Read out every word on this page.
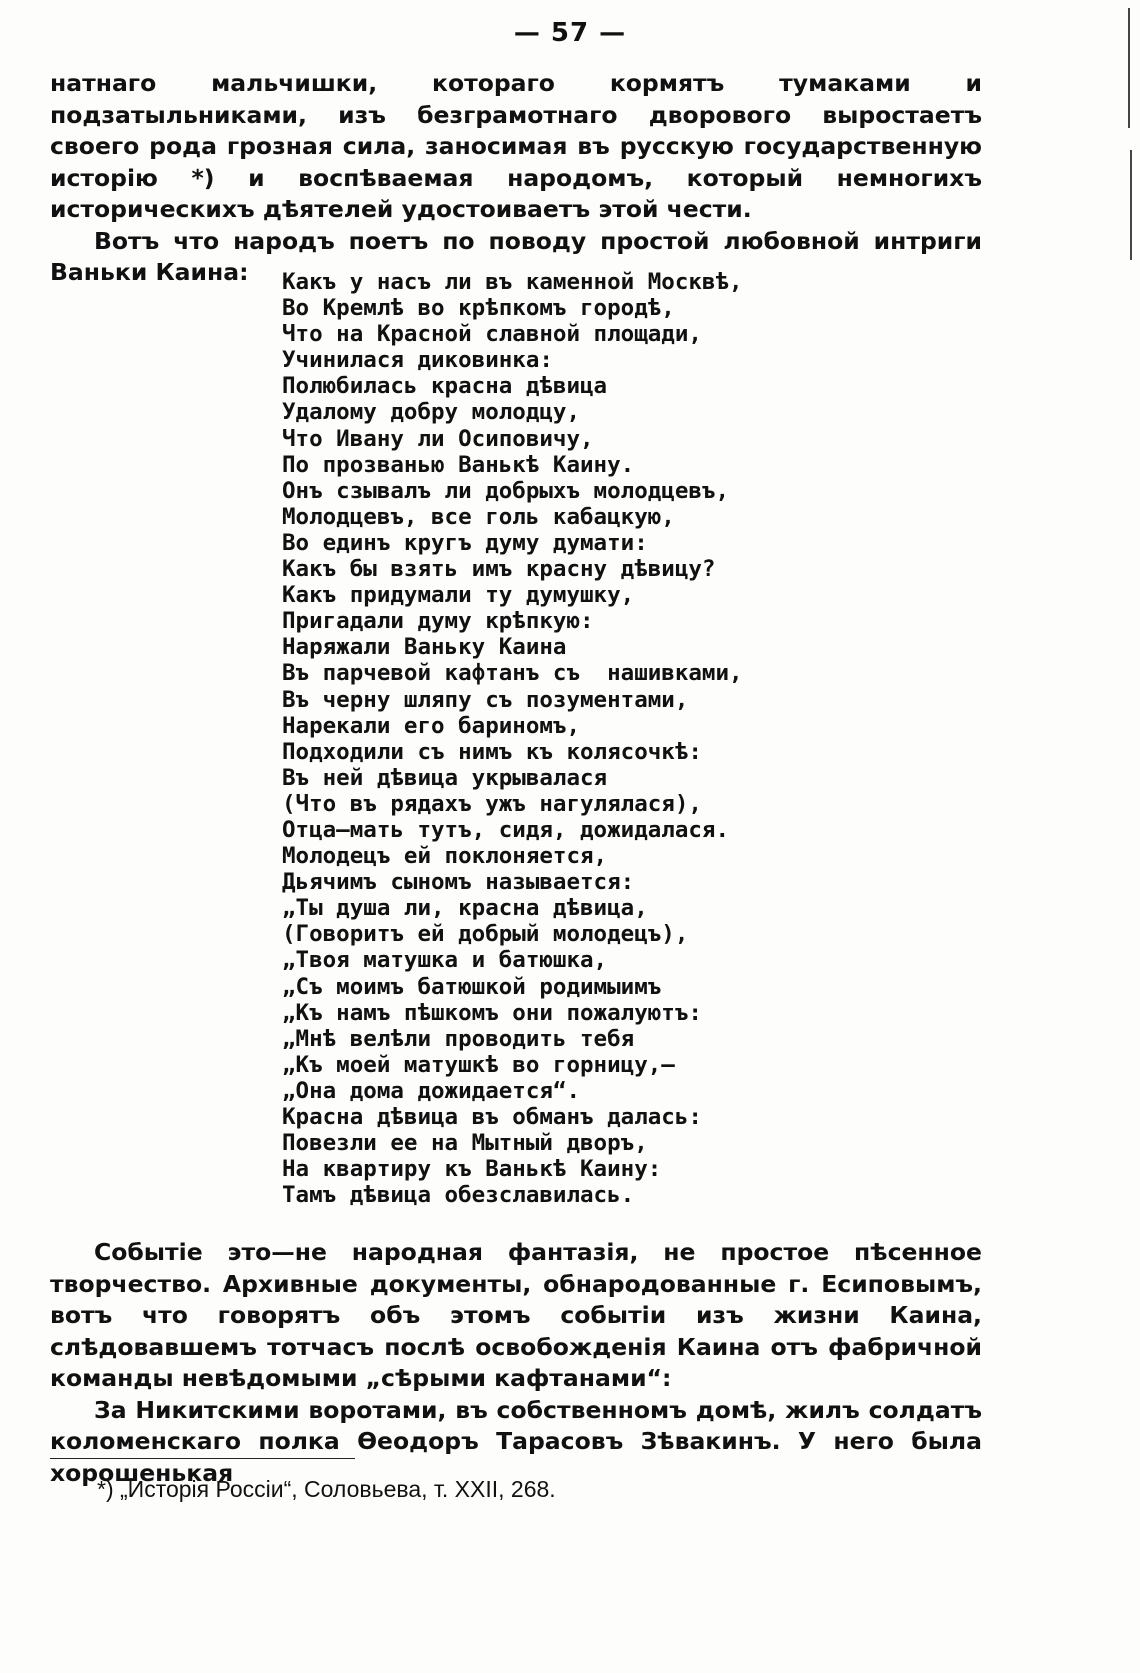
— 57 —

натнаго мальчишки, котораго кормятъ тумаками и подзатыльниками, изъ безграмотнаго дворового выростаетъ своего рода грозная сила, заносимая въ русскую государственную исторію *) и воспѣваемая народомъ, который немногихъ историческихъ дѣятелей удостоиваетъ этой чести.

Вотъ что народъ поетъ по поводу простой любовной интриги Ваньки Каина:	Какъ у насъ ли въ каменной Москвѣ,
Во Кремлѣ во крѣпкомъ городѣ,
Что на Красной славной площади,
Учинилася диковинка:
Полюбилась красна дѣвица
Удалому добру молодцу,
Что Ивану ли Осиповичу,
По прозванью Ванькѣ Каину.
Онъ сзывалъ ли добрыхъ молодцевъ,
Молодцевъ, все голь кабацкую,
Во единъ кругъ думу думати:
Какъ бы взять имъ красну дѣвицу?
Какъ придумали ту думушку,
Пригадали думу крѣпкую:
Наряжали Ваньку Каина
Въ парчевой кафтанъ съ  нашивками,
Въ черну шляпу съ позументами,
Нарекали его бариномъ,
Подходили съ нимъ къ колясочкѣ:
Въ ней дѣвица укрывалася
(Что въ рядахъ ужъ нагулялася),
Отца—мать тутъ, сидя, дожидалася.
Молодецъ ей поклоняется,
Дьячимъ сыномъ называется:
„Ты душа ли, красна дѣвица,
(Говоритъ ей добрый молодецъ),
„Твоя матушка и батюшка,
„Съ моимъ батюшкой родимыимъ
„Къ намъ пѣшкомъ они пожалуютъ:
„Мнѣ велѣли проводить тебя
„Къ моей матушкѣ во горницу,—
„Она дома дожидается“.
Красна дѣвица въ обманъ далась:
Повезли ее на Мытный дворъ,
На квартиру къ Ванькѣ Каину:
Тамъ дѣвица обезславилась.

Событіе это—не народная фантазія, не простое пѣсенное творчество. Архивные документы, обнародованные г. Есиповымъ, вотъ что говорятъ объ этомъ событіи изъ жизни Каина, слѣдовавшемъ тотчасъ послѣ освобожденія Каина отъ фабричной команды невѣдомыми „сѣрыми кафтанами“:

За Никитскими воротами, въ собственномъ домѣ, жилъ солдатъ коломенскаго полка Ѳеодоръ Тарасовъ Зѣвакинъ. У него была хорошенькая

*) „Исторія Россіи“, Соловьева, т. XXII, 268.
